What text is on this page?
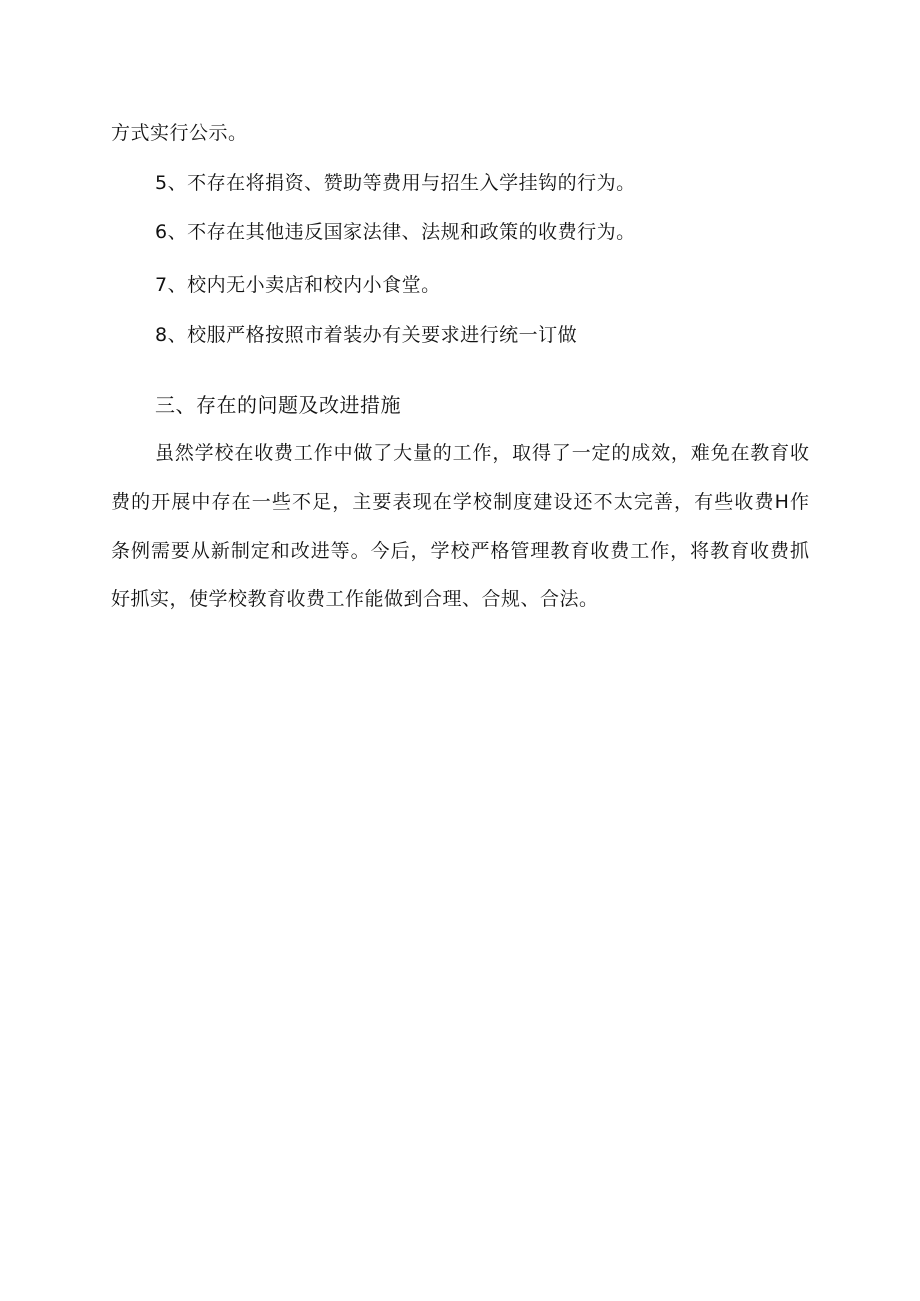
方式实行公示。
5、不存在将捐资、赞助等费用与招生入学挂钩的行为。
6、不存在其他违反国家法律、法规和政策的收费行为。
7、校内无小卖店和校内小食堂。
8、校服严格按照市着装办有关要求进行统一订做
三、存在的问题及改进措施
虽然学校在收费工作中做了大量的工作，取得了一定的成效，难免在教育收
费的开展中存在一些不足，主要表现在学校制度建设还不太完善，有些收费H作
条例需要从新制定和改进等。今后，学校严格管理教育收费工作，将教育收费抓
好抓实，使学校教育收费工作能做到合理、合规、合法。
